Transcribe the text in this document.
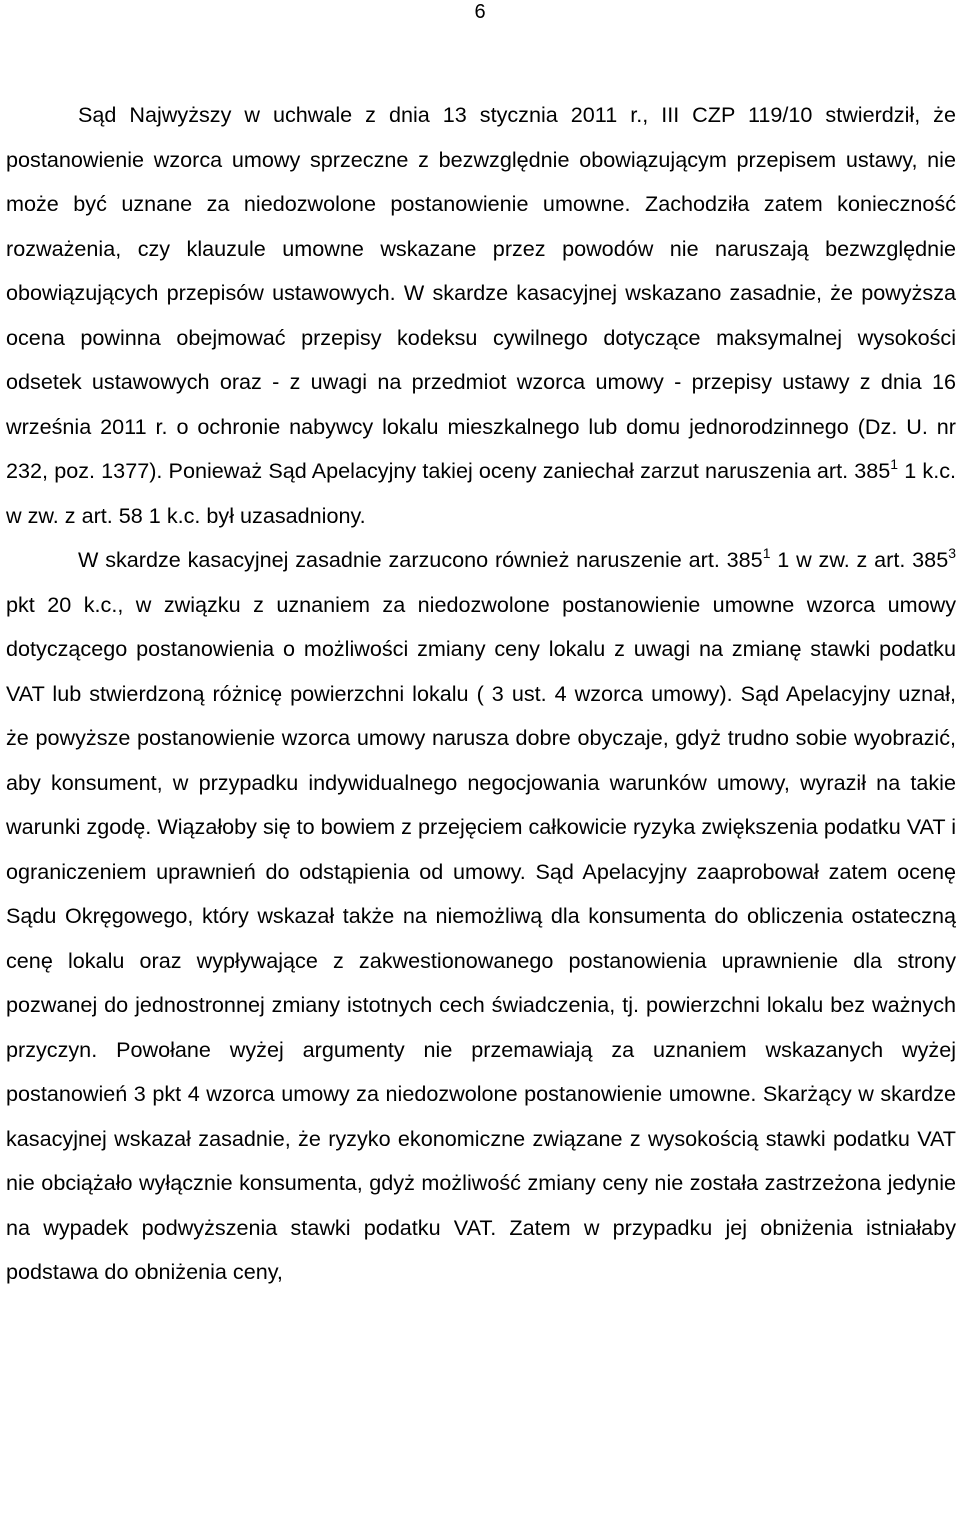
6

Sąd Najwyższy w uchwale z dnia 13 stycznia 2011 r., III CZP 119/10 stwierdził, że postanowienie wzorca umowy sprzeczne z bezwzględnie obowiązującym przepisem ustawy, nie może być uznane za niedozwolone postanowienie umowne. Zachodziła zatem konieczność rozważenia, czy klauzule umowne wskazane przez powodów nie naruszają bezwzględnie obowiązujących przepisów ustawowych. W skardze kasacyjnej wskazano zasadnie, że powyższa ocena powinna obejmować przepisy kodeksu cywilnego dotyczące maksymalnej wysokości odsetek ustawowych oraz - z uwagi na przedmiot wzorca umowy - przepisy ustawy z dnia 16 września 2011 r. o ochronie nabywcy lokalu mieszkalnego lub domu jednorodzinnego (Dz. U. nr 232, poz. 1377). Ponieważ Sąd Apelacyjny takiej oceny zaniechał zarzut naruszenia art. $385^1$ 1 k.c. w zw. z art. 58 1 k.c. był uzasadniony.

W skardze kasacyjnej zasadnie zarzucono również naruszenie art. $385^1$ 1 w zw. z art. $385^3$ pkt 20 k.c., w związku z uznaniem za niedozwolone postanowienie umowne wzorca umowy dotyczącego postanowienia o możliwości zmiany ceny lokalu z uwagi na zmianę stawki podatku VAT lub stwierdzoną różnicę powierzchni lokalu ( 3 ust. 4 wzorca umowy). Sąd Apelacyjny uznał, że powyższe postanowienie wzorca umowy narusza dobre obyczaje, gdyż trudno sobie wyobrazić, aby konsument, w przypadku indywidualnego negocjowania warunków umowy, wyraził na takie warunki zgodę. Wiązałoby się to bowiem z przejęciem całkowicie ryzyka zwiększenia podatku VAT i ograniczeniem uprawnień do odstąpienia od umowy. Sąd Apelacyjny zaaprobował zatem ocenę Sądu Okręgowego, który wskazał także na niemożliwą dla konsumenta do obliczenia ostateczną cenę lokalu oraz wypływające z zakwestionowanego postanowienia uprawnienie dla strony pozwanej do jednostronnej zmiany istotnych cech świadczenia, tj. powierzchni lokalu bez ważnych przyczyn. Powołane wyżej argumenty nie przemawiają za uznaniem wskazanych wyżej postanowień 3 pkt 4 wzorca umowy za niedozwolone postanowienie umowne. Skarżący w skardze kasacyjnej wskazał zasadnie, że ryzyko ekonomiczne związane z wysokością stawki podatku VAT nie obciążało wyłącznie konsumenta, gdyż możliwość zmiany ceny nie została zastrzeżona jedynie na wypadek podwyższenia stawki podatku VAT. Zatem w przypadku jej obniżenia istniałaby podstawa do obniżenia ceny,
